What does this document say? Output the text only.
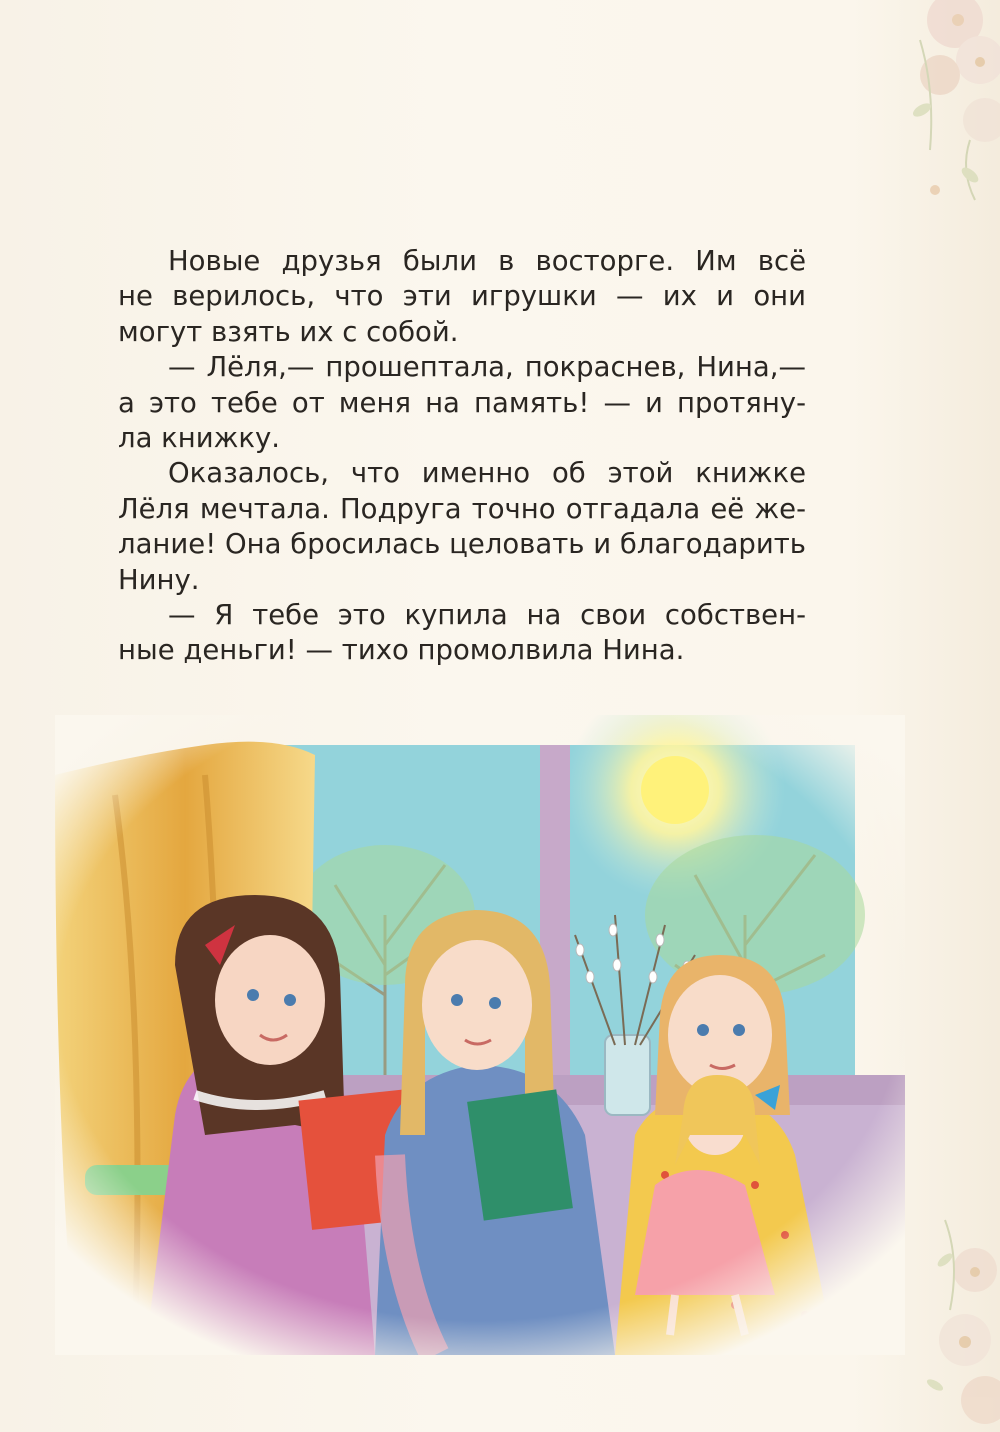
Новые друзья были в восторге. Им всё
не верилось, что эти игрушки — их и они
могут взять их с собой.

— Лёля,— прошептала, покраснев, Нина,—
а это тебе от меня на память! — и протяну-
ла книжку.

Оказалось, что именно об этой книжке
Лёля мечтала. Подруга точно отгадала её же-
лание! Она бросилась целовать и благодарить
Нину.

— Я тебе это купила на свои собствен-
ные деньги! — тихо промолвила Нина.
